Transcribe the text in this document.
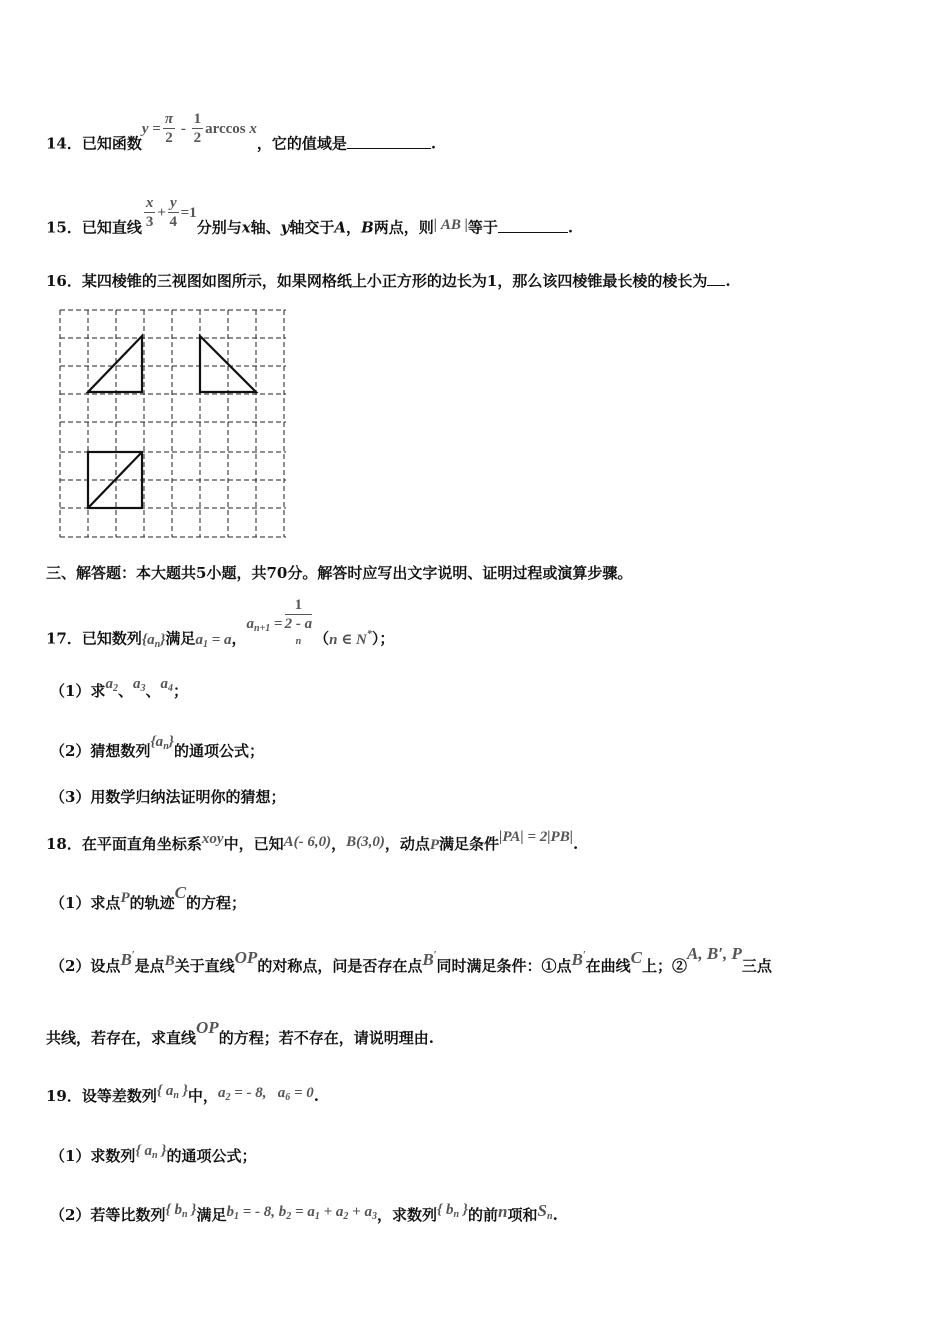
14．已知函数$y = \frac{\pi}{2} - \frac{1}{2}$ arccos x，它的值域是	.
15．已知直线 $\frac{x}{3} + \frac{y}{4} =1$分别与x轴、y轴交于A，B两点，则| AB |等于	.
16．某四棱锥的三视图如图所示，如果网格纸上小正方形的边长为1，那么该四棱锥最长棱的棱长为 .
三、解答题：本大题共5小题，共70分。解答时应写出文字说明、证明过程或演算步骤。
17．已知数列$\{a_n\}$满足$a_1 = a$，$a_{n+1} = 1$
2 - a
n （n ∈ N*）；
（1）求$a_2$、$a_3$、$a_4$；
（2）猜想数列$\{a_n\}$的通项公式；
（3）用数学归纳法证明你的猜想；
18．在平面直角坐标系xoy中，已知A(- 6,0)，B(3,0)，动点P满足条件|PA| = 2|PB|.
（1）求点P的轨迹C的方程；
（2）设点B′是点B关于直线OP的对称点，问是否存在点B′同时满足条件：①点B′在曲线C上；②A, B′, P三点
共线，若存在，求直线OP的方程；若不存在，请说明理由.
19．设等差数列{ $a_n$ }中，$a_2$ = - 8, $a_6 = 0$.
（1）求数列{ $a_n$ }的通项公式；
（2）若等比数列{ $b_n$ }满足$b_1$ = - 8, $b_2 = a_1 + a_2 + a_3$，求数列{ $b_n$ }的前n项和$S_n$.
